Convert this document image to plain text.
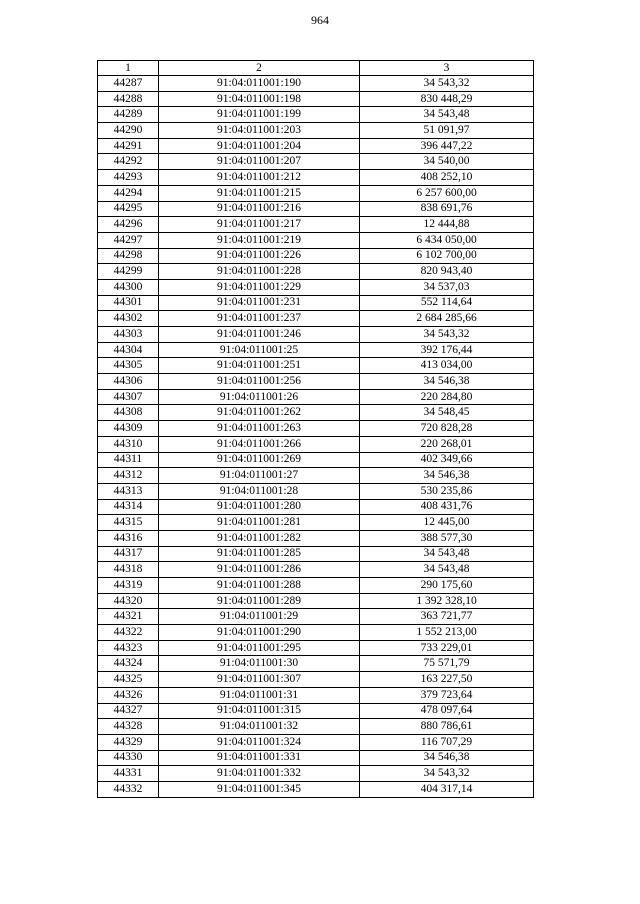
964
1	2	3
44287	91:04:011001:190	34 543,32
44288	91:04:011001:198	830 448,29
44289	91:04:011001:199	34 543,48
44290	91:04:011001:203	51 091,97
44291	91:04:011001:204	396 447,22
44292	91:04:011001:207	34 540,00
44293	91:04:011001:212	408 252,10
44294	91:04:011001:215	6 257 600,00
44295	91:04:011001:216	838 691,76
44296	91:04:011001:217	12 444,88
44297	91:04:011001:219	6 434 050,00
44298	91:04:011001:226	6 102 700,00
44299	91:04:011001:228	820 943,40
44300	91:04:011001:229	34 537,03
44301	91:04:011001:231	552 114,64
44302	91:04:011001:237	2 684 285,66
44303	91:04:011001:246	34 543,32
44304	91:04:011001:25	392 176,44
44305	91:04:011001:251	413 034,00
44306	91:04:011001:256	34 546,38
44307	91:04:011001:26	220 284,80
44308	91:04:011001:262	34 548,45
44309	91:04:011001:263	720 828,28
44310	91:04:011001:266	220 268,01
44311	91:04:011001:269	402 349,66
44312	91:04:011001:27	34 546,38
44313	91:04:011001:28	530 235,86
44314	91:04:011001:280	408 431,76
44315	91:04:011001:281	12 445,00
44316	91:04:011001:282	388 577,30
44317	91:04:011001:285	34 543,48
44318	91:04:011001:286	34 543,48
44319	91:04:011001:288	290 175,60
44320	91:04:011001:289	1 392 328,10
44321	91:04:011001:29	363 721,77
44322	91:04:011001:290	1 552 213,00
44323	91:04:011001:295	733 229,01
44324	91:04:011001:30	75 571,79
44325	91:04:011001:307	163 227,50
44326	91:04:011001:31	379 723,64
44327	91:04:011001:315	478 097,64
44328	91:04:011001:32	880 786,61
44329	91:04:011001:324	116 707,29
44330	91:04:011001:331	34 546,38
44331	91:04:011001:332	34 543,32
44332	91:04:011001:345	404 317,14
